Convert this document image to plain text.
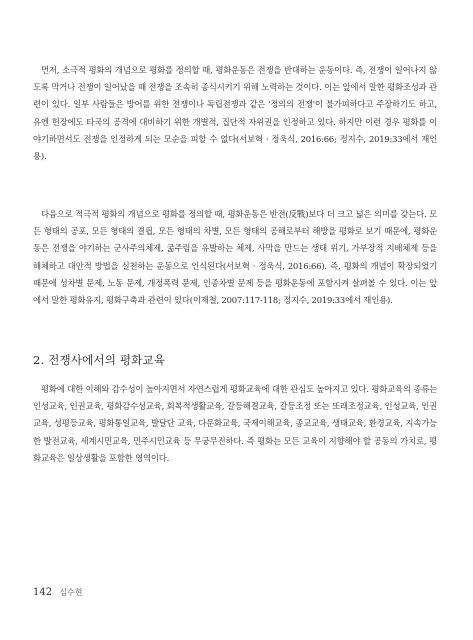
먼저, 소극적 평화의 개념으로 평화를 정의할 때, 평화운동은 전쟁을 반대하는 운동이다. 즉, 전쟁이 일어나지 않도록 막거나 전쟁이 일어났을 때 전쟁을 조속히 종식시키기 위해 노력하는 것이다. 이는 앞에서 말한 평화조성과 관련이 있다. 일부 사람들은 방어를 위한 전쟁이나 독립전쟁과 같은 '정의의 전쟁'이 불가피하다고 주장하기도 하고, 유엔 헌장에도 타국의 공격에 대비하기 위한 개별적, 집단적 자위권을 인정하고 있다. 하지만 이런 경우 평화를 이야기하면서도 전쟁을 인정하게 되는 모순을 피할 수 없다(서보혁 · 정욱식, 2016:66; 정지수, 2019:33에서 재인용).

다음으로 적극적 평화의 개념으로 평화를 정의할 때, 평화운동은 반전(反戰)보다 더 크고 넓은 의미를 갖는다. 모든 형태의 공포, 모든 형태의 결핍, 모든 형태의 차별, 모든 형태의 공해로부터 해방을 평화로 보기 때문에, 평화운동은 전쟁을 야기하는 군사주의체제, 굶주림을 유발하는 체제, 사막을 만드는 생태 위기, 가부장적 지배체제 등을 해체하고 대안적 방법을 실천하는 운동으로 인식된다(서보혁 · 정욱식, 2016:66). 즉, 평화의 개념이 확장되었기 때문에 성차별 문제, 노동 문제, 개정폭력 문제, 인종차별 문제 등을 평화운동에 포함시켜 살펴볼 수 있다. 이는 앞에서 말한 평화유지, 평화구축과 관련이 있다(이재철, 2007:117-118; 정지수, 2019:33에서 재인용).

2. 전쟁사에서의 평화교육

평화에 대한 이해와 감수성이 높아지면서 자연스럽게 평화교육에 대한 관심도 높아지고 있다. 평화교육의 종류는 인성교육, 인권교육, 평화감수성교육, 회복적생활교육, 갈등해결교육, 갈등조정 또는 또래조정교육, 인성교육, 인권교육, 성평등교육, 평화통일교육, 발달단 교육, 다문화교육, 국제이해교육, 종교교육, 생태교육, 환경교육, 지속가능한 발전교육, 세계시민교육, 민주시민교육 등 무궁무진하다. 즉 평화는 모든 교육이 지향해야 할 공동의 가치로, 평화교육은 일상생활을 포함한 영역이다.

142 심수현
